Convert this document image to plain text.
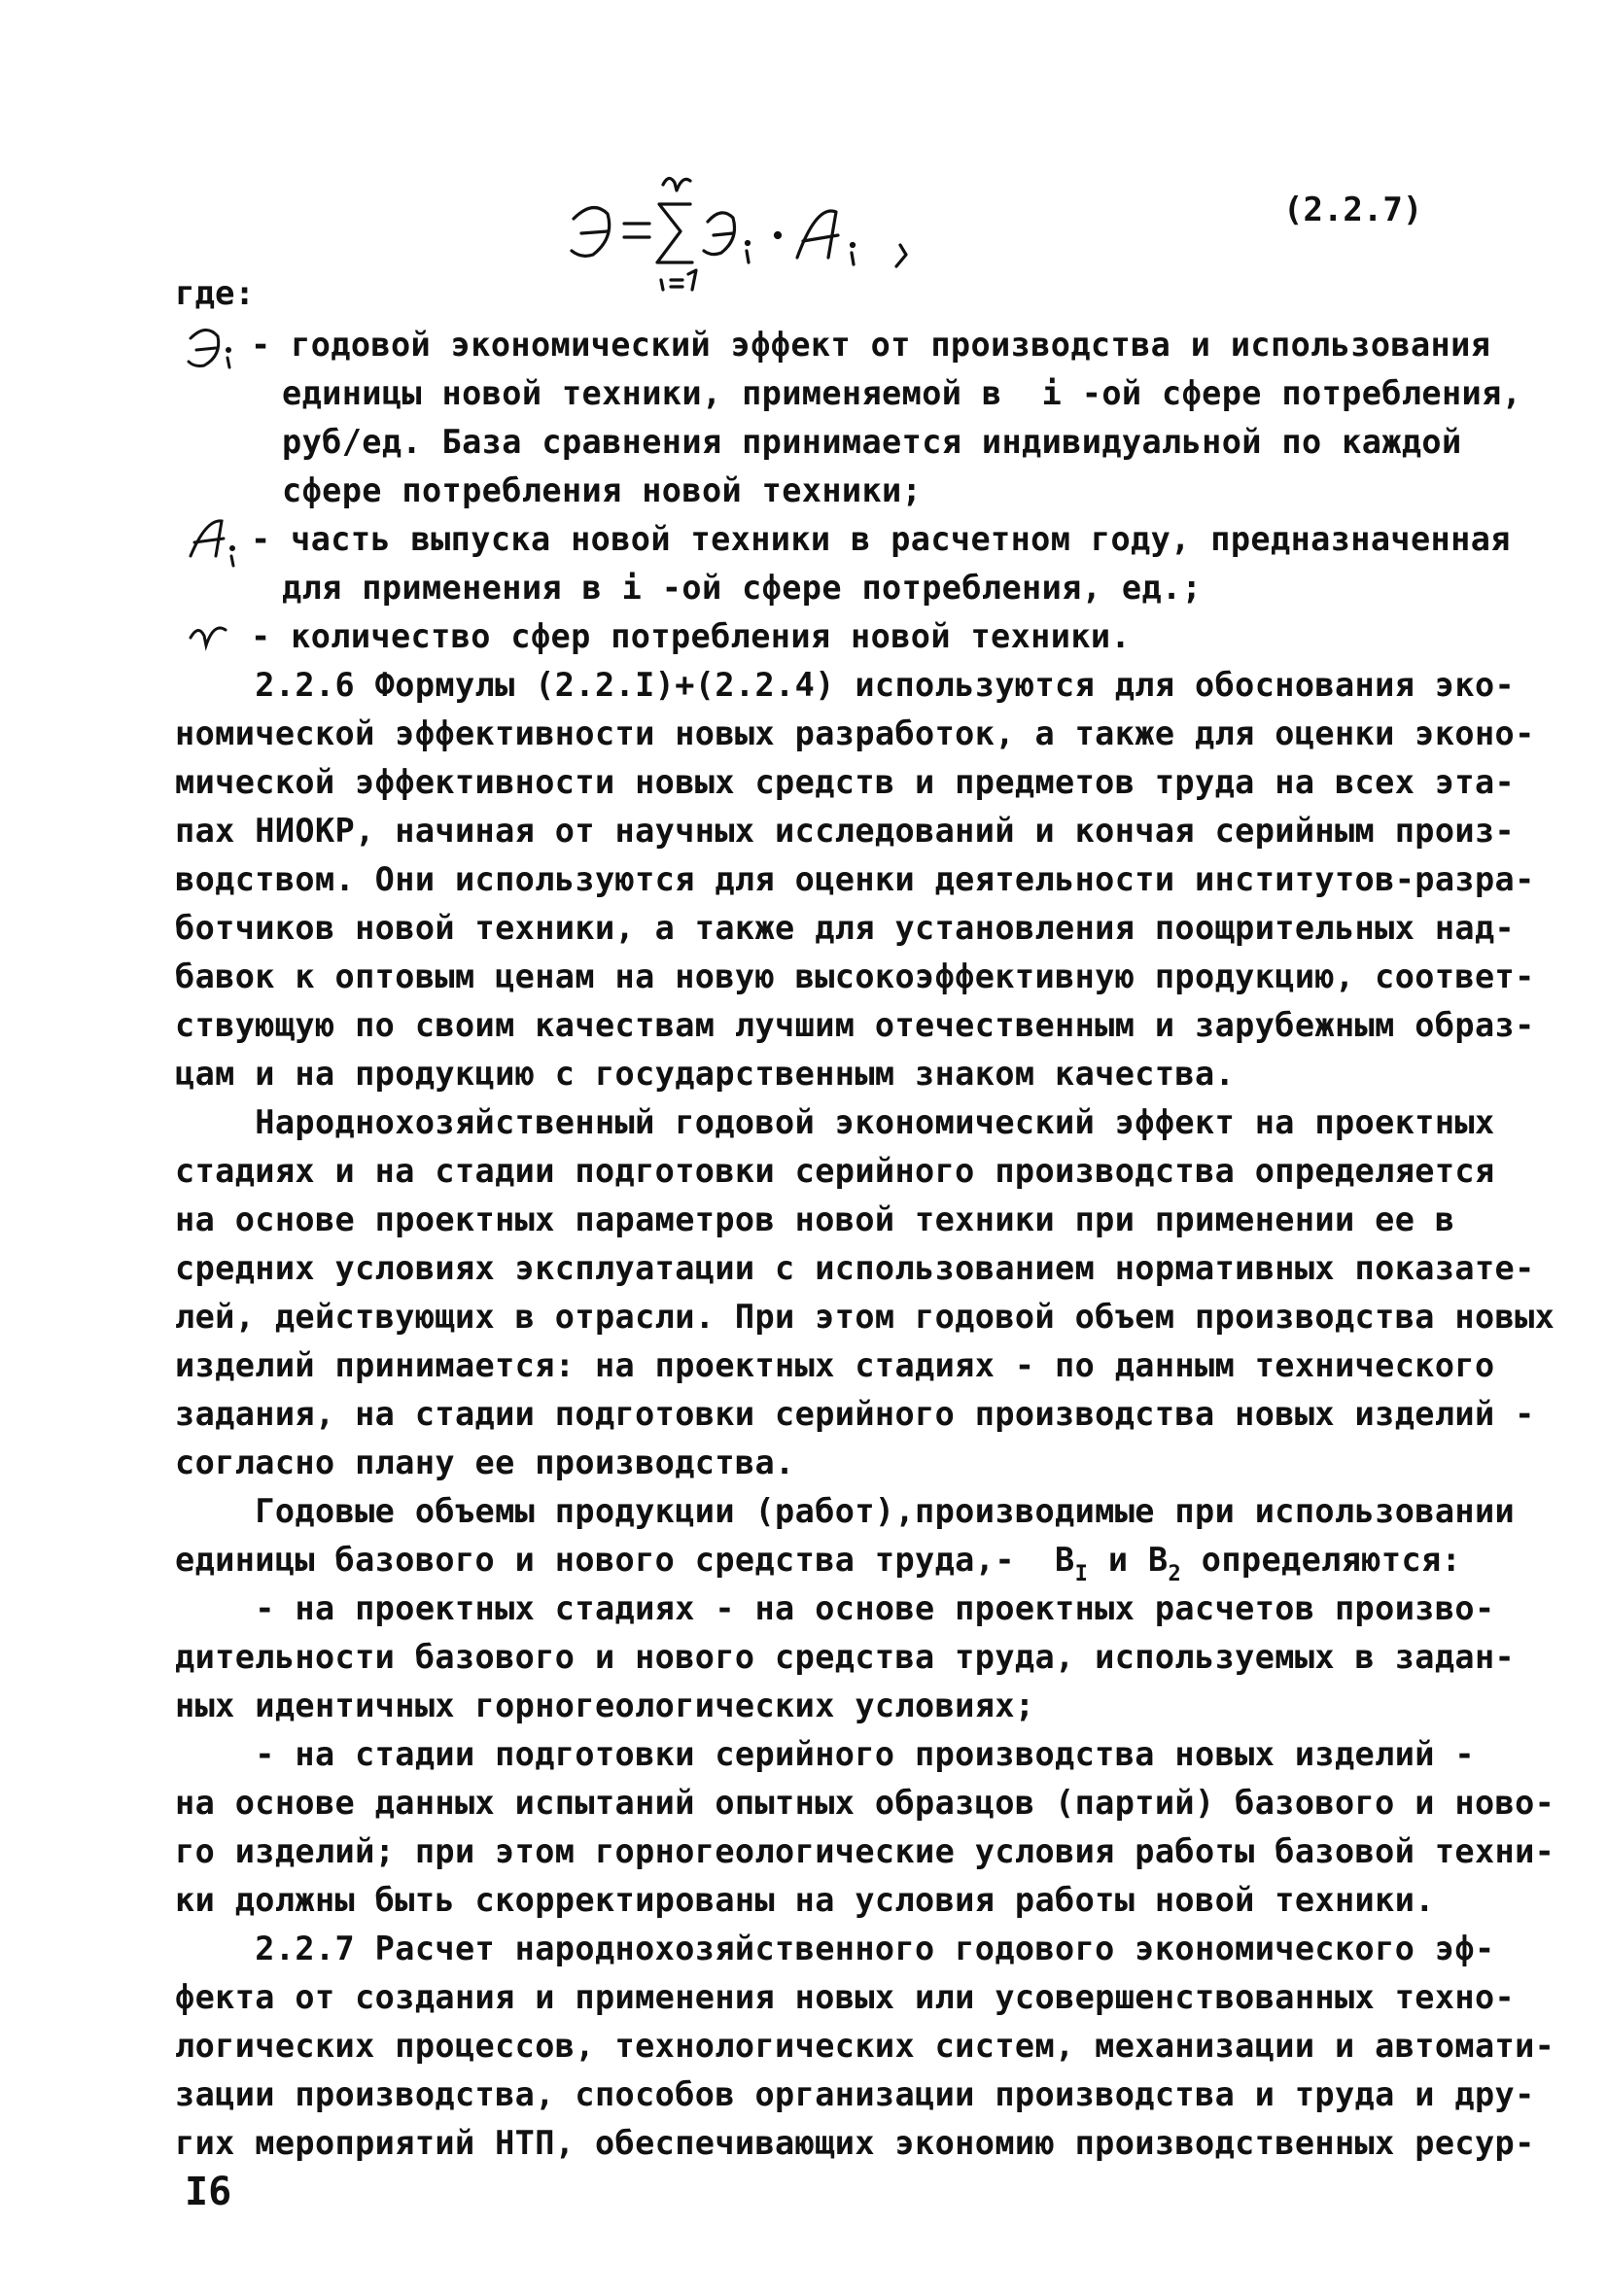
(2.2.7)
где:
- годовой экономический эффект от производства и использования
единицы новой техники, применяемой в  i -ой сфере потребления,
руб/ед. База сравнения принимается индивидуальной по каждой
сфере потребления новой техники;
- часть выпуска новой техники в расчетном году, предназначенная
для применения в i -ой сфере потребления, ед.;
- количество сфер потребления новой техники.
2.2.6 Формулы (2.2.I)+(2.2.4) используются для обоснования эко-
номической эффективности новых разработок, а также для оценки эконо-
мической эффективности новых средств и предметов труда на всех эта-
пах НИОКР, начиная от научных исследований и кончая серийным произ-
водством. Они используются для оценки деятельности институтов-разра-
ботчиков новой техники, а также для установления поощрительных над-
бавок к оптовым ценам на новую высокоэффективную продукцию, соответ-
ствующую по своим качествам лучшим отечественным и зарубежным образ-
цам и на продукцию с государственным знаком качества.
Народнохозяйственный годовой экономический эффект на проектных
стадиях и на стадии подготовки серийного производства определяется
на основе проектных параметров новой техники при применении ее в
средних условиях эксплуатации с использованием нормативных показате-
лей, действующих в отрасли. При этом годовой объем производства новых
изделий принимается: на проектных стадиях - по данным технического
задания, на стадии подготовки серийного производства новых изделий -
согласно плану ее производства.
Годовые объемы продукции (работ),производимые при использовании
единицы базового и нового средства труда,-  $B_I$ и $B_2$ определяются:
- на проектных стадиях - на основе проектных расчетов произво-
дительности базового и нового средства труда, используемых в задан-
ных идентичных горногеологических условиях;
- на стадии подготовки серийного производства новых изделий -
на основе данных испытаний опытных образцов (партий) базового и ново-
го изделий; при этом горногеологические условия работы базовой техни-
ки должны быть скорректированы на условия работы новой техники.
2.2.7 Расчет народнохозяйственного годового экономического эф-
фекта от создания и применения новых или усовершенствованных техно-
логических процессов, технологических систем, механизации и автомати-
зации производства, способов организации производства и труда и дру-
гих мероприятий НТП, обеспечивающих экономию производственных ресур-
I6
